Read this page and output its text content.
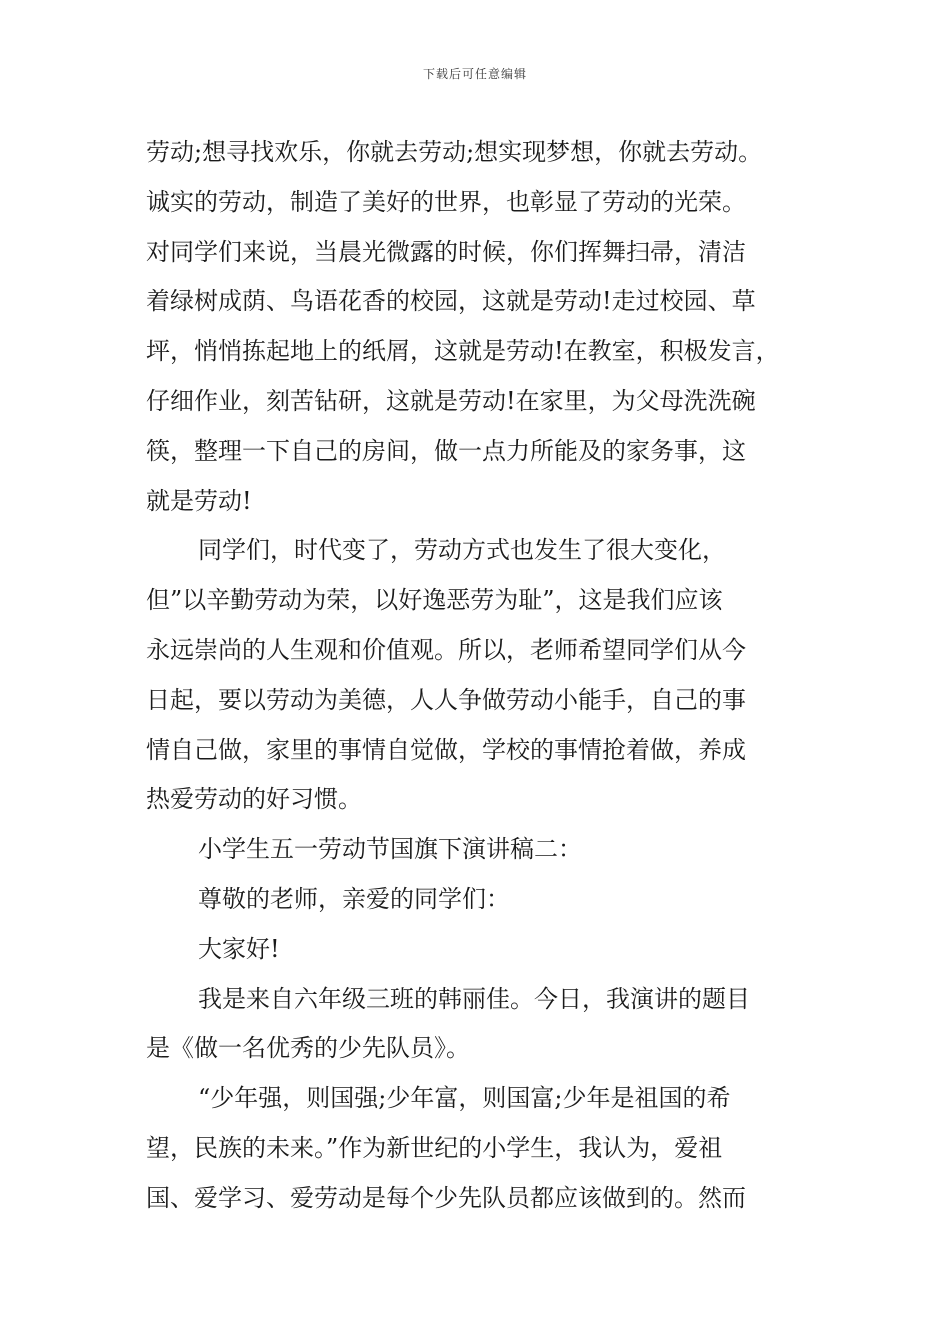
下载后可任意编辑
劳动;想寻找欢乐，你就去劳动;想实现梦想，你就去劳动。
诚实的劳动，制造了美好的世界，也彰显了劳动的光荣。
对同学们来说，当晨光微露的时候，你们挥舞扫帚，清洁
着绿树成荫、鸟语花香的校园，这就是劳动!走过校园、草
坪，悄悄拣起地上的纸屑，这就是劳动!在教室，积极发言，
仔细作业，刻苦钻研，这就是劳动!在家里，为父母洗洗碗
筷，整理一下自己的房间，做一点力所能及的家务事，这
就是劳动!
同学们，时代变了，劳动方式也发生了很大变化，
但”以辛勤劳动为荣，以好逸恶劳为耻”，这是我们应该
永远崇尚的人生观和价值观。所以，老师希望同学们从今
日起，要以劳动为美德，人人争做劳动小能手，自己的事
情自己做，家里的事情自觉做，学校的事情抢着做，养成
热爱劳动的好习惯。
小学生五一劳动节国旗下演讲稿二：
尊敬的老师，亲爱的同学们：
大家好!
我是来自六年级三班的韩丽佳。今日，我演讲的题目
是《做一名优秀的少先队员》。
“少年强，则国强;少年富，则国富;少年是祖国的希
望，民族的未来。”作为新世纪的小学生，我认为，爱祖
国、爱学习、爱劳动是每个少先队员都应该做到的。然而
